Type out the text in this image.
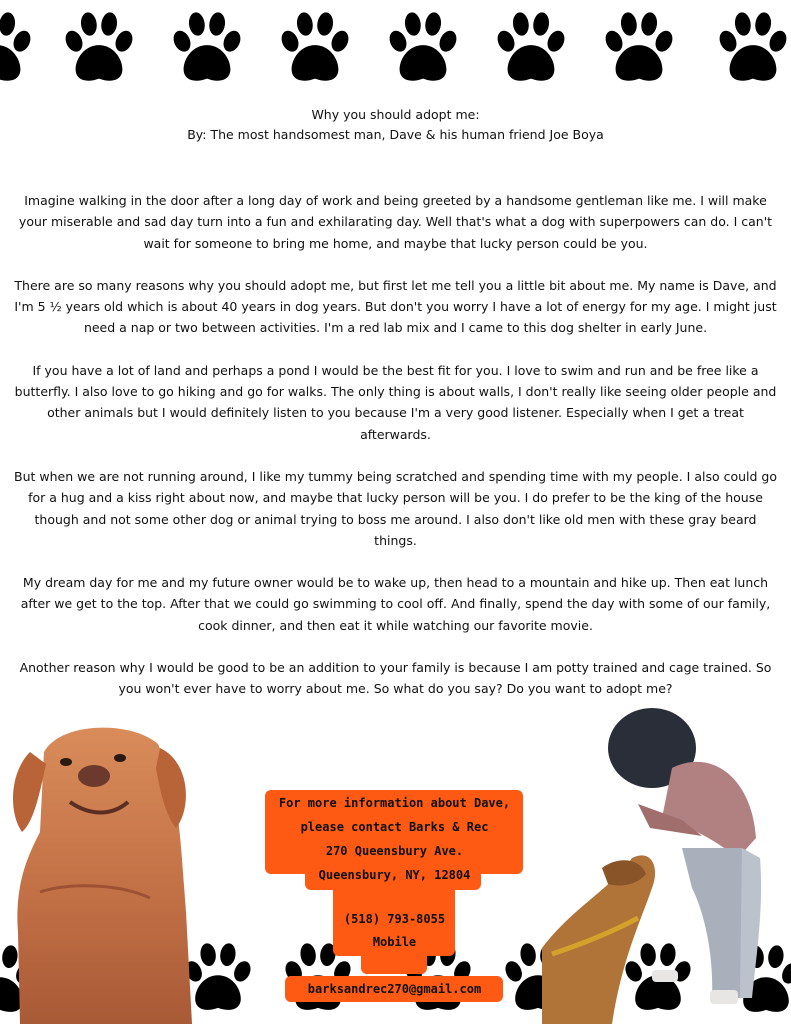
Why you should adopt me:
By: The most handsomest man, Dave & his human friend Joe Boya

Imagine walking in the door after a long day of work and being greeted by a handsome gentleman like me. I will make your miserable and sad day turn into a fun and exhilarating day. Well that's what a dog with superpowers can do. I can't wait for someone to bring me home, and maybe that lucky person could be you.

There are so many reasons why you should adopt me, but first let me tell you a little bit about me. My name is Dave, and I'm 5 ½ years old which is about 40 years in dog years. But don't you worry I have a lot of energy for my age. I might just need a nap or two between activities. I'm a red lab mix and I came to this dog shelter in early June.

If you have a lot of land and perhaps a pond I would be the best fit for you. I love to swim and run and be free like a butterfly. I also love to go hiking and go for walks. The only thing is about walls, I don't really like seeing older people and other animals but I would definitely listen to you because I'm a very good listener. Especially when I get a treat afterwards.

But when we are not running around, I like my tummy being scratched and spending time with my people. I also could go for a hug and a kiss right about now, and maybe that lucky person will be you. I do prefer to be the king of the house though and not some other dog or animal trying to boss me around. I also don't like old men with these gray beard things.

My dream day for me and my future owner would be to wake up, then head to a mountain and hike up. Then eat lunch after we get to the top. After that we could go swimming to cool off. And finally, spend the day with some of our family, cook dinner, and then eat it while watching our favorite movie.

Another reason why I would be good to be an addition to your family is because I am potty trained and cage trained. So you won't ever have to worry about me. So what do you say? Do you want to adopt me?

For more information about Dave,
please contact Barks & Rec
270 Queensbury Ave.
Queensbury, NY, 12804
(518) 793-8055
Mobile
barksandrec270@gmail.com
